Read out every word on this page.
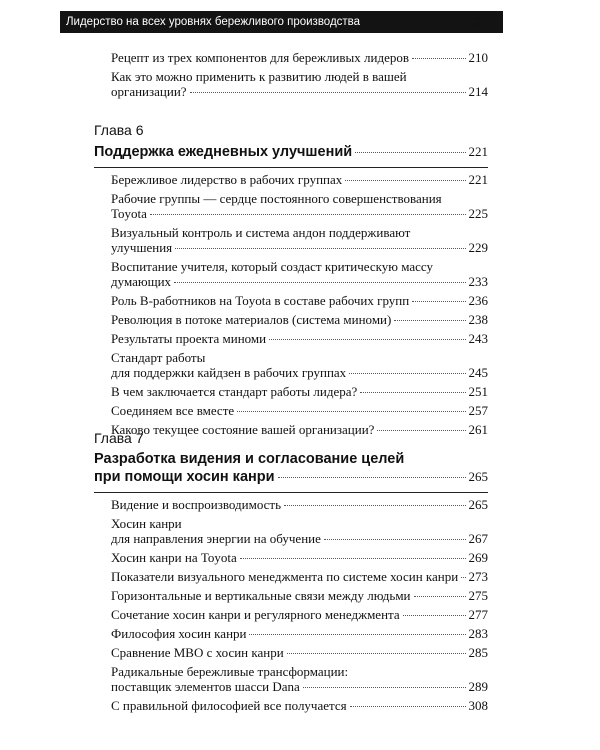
Лидерство на всех уровнях бережливого производства	7
Рецепт из трех компонентов для бережливых лидеров	210
Как это можно применить к развитию людей в вашей
организации?	214
Глава 6
Поддержка ежедневных улучшений	221
Бережливое лидерство в рабочих группах	221
Рабочие группы — сердце постоянного совершенствования
Toyota	225
Визуальный контроль и система андон поддерживают
улучшения	229
Воспитание учителя, который создаст критическую массу
думающих	233
Роль B-работников на Toyota в составе рабочих групп	236
Революция в потоке материалов (система миноми)	238
Результаты проекта миноми	243
Стандарт работы
для поддержки кайдзен в рабочих группах	245
В чем заключается стандарт работы лидера?	251
Соединяем все вместе	257
Каково текущее состояние вашей организации?	261
Глава 7
Разработка видения и согласование целей
при помощи хосин канри	265
Видение и воспроизводимость	265
Хосин канри
для направления энергии на обучение	267
Хосин канри на Toyota	269
Показатели визуального менеджмента по системе хосин канри 273
Горизонтальные и вертикальные связи между людьми	275
Сочетание хосин канри и регулярного менеджмента	277
Философия хосин канри	283
Сравнение MBO с хосин канри	285
Радикальные бережливые трансформации:
поставщик элементов шасси Dana	289
С правильной философией все получается	308
